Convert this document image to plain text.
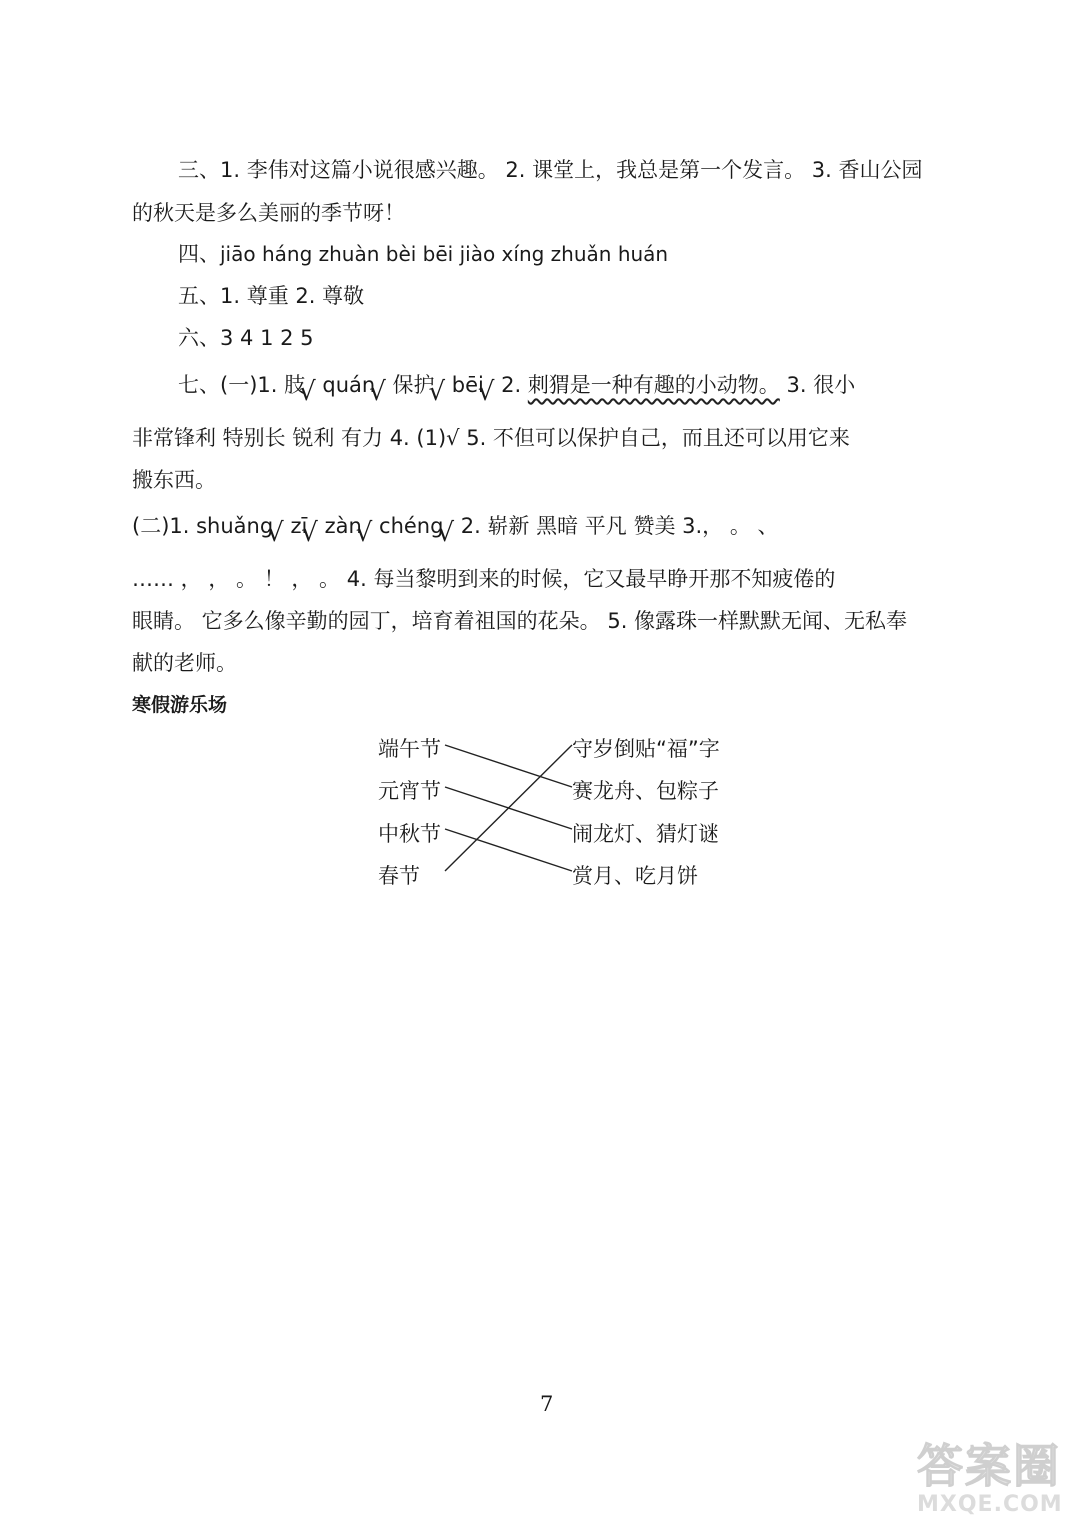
三、1. 李伟对这篇小说很感兴趣。 2. 课堂上，我总是第一个发言。 3. 香山公园
的秋天是多么美丽的季节呀！
四、jiāo háng zhuàn bèi bēi jiào xíng zhuǎn huán
五、1. 尊重 2. 尊敬
六、3 4 1 2 5
七、(一)1. 肢√ quán√ 保护√ bēi√ 2. 刺猬是一种有趣的小动物。 3. 很小
非常锋利 特别长 锐利 有力 4. (1)√ 5. 不但可以保护自己，而且还可以用它来
搬东西。
(二)1. shuǎng√ zī√ zàn√ chéng√ 2. 崭新 黑暗 平凡 赞美 3.， 。 、
…… ， ， 。 ！ ， 。 4. 每当黎明到来的时候，它又最早睁开那不知疲倦的
眼睛。 它多么像辛勤的园丁，培育着祖国的花朵。 5. 像露珠一样默默无闻、无私奉
献的老师。
寒假游乐场
端午节
元宵节
中秋节
春节
守岁倒贴“福”字
赛龙舟、包粽子
闹龙灯、猜灯谜
赏月、吃月饼
7
答案圈
MXQE.COM
